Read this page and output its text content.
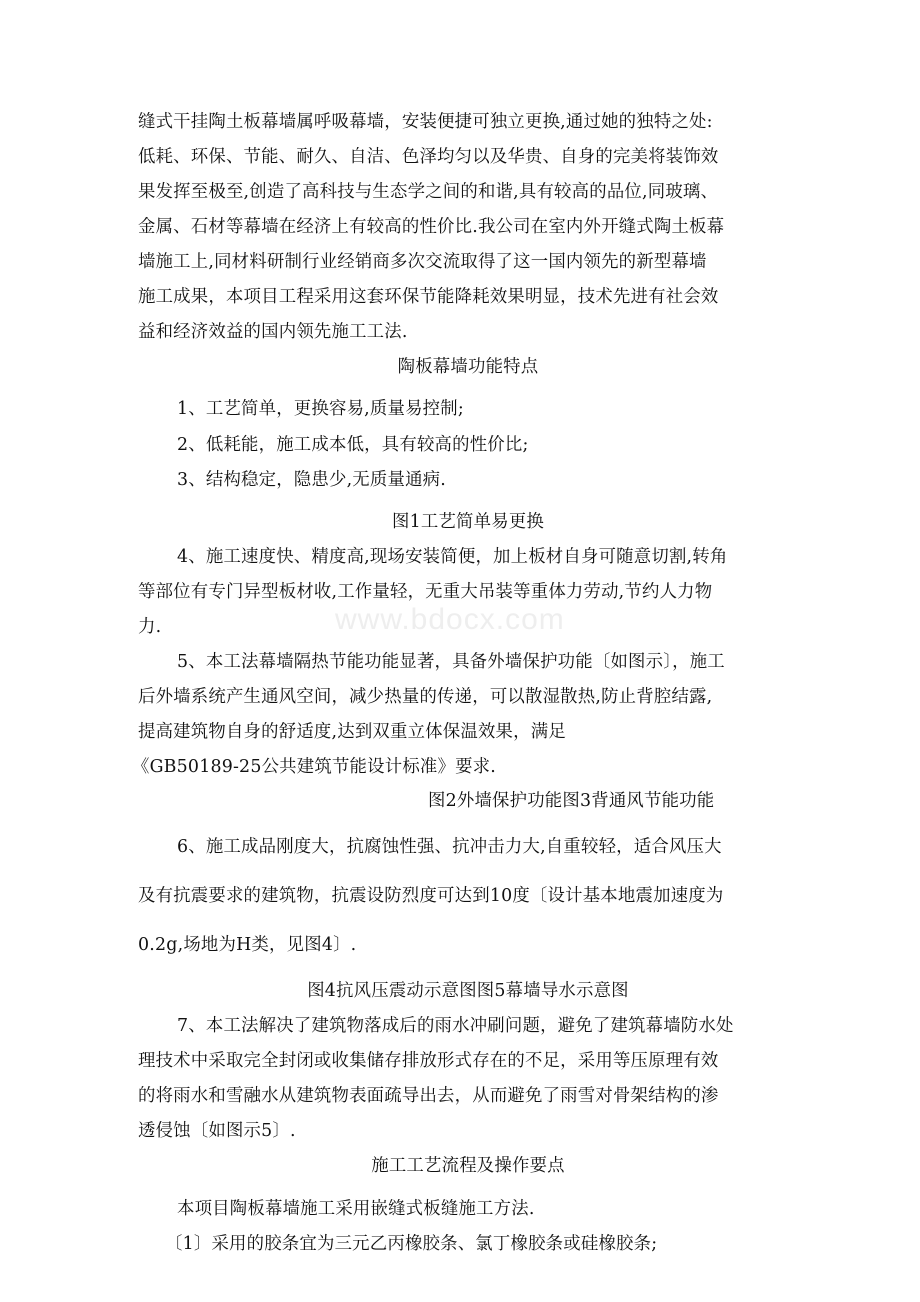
www.bdocx.com
缝式干挂陶土板幕墙属呼吸幕墙，安装便捷可独立更换,通过她的独特之处:
低耗、环保、节能、耐久、自洁、色泽均匀以及华贵、自身的完美将装饰效
果发挥至极至,创造了高科技与生态学之间的和谐,具有较高的品位,同玻璃、
金属、石材等幕墙在经济上有较高的性价比.我公司在室内外开缝式陶土板幕
墙施工上,同材料研制行业经销商多次交流取得了这一国内领先的新型幕墙
施工成果，本项目工程采用这套环保节能降耗效果明显，技术先进有社会效
益和经济效益的国内领先施工工法.
陶板幕墙功能特点
1、工艺简单，更换容易,质量易控制;
2、低耗能，施工成本低，具有较高的性价比;
3、结构稳定，隐患少,无质量通病.
图1工艺简单易更换
4、施工速度快、精度高,现场安装简便，加上板材自身可随意切割,转角
等部位有专门异型板材收,工作量轻，无重大吊装等重体力劳动,节约人力物
力.
5、本工法幕墙隔热节能功能显著，具备外墙保护功能〔如图示〕，施工
后外墙系统产生通风空间，减少热量的传递，可以散湿散热,防止背腔结露,
提高建筑物自身的舒适度,达到双重立体保温效果，满足
《GB50189-25公共建筑节能设计标准》要求.
图2外墙保护功能图3背通风节能功能
6、施工成品刚度大，抗腐蚀性强、抗冲击力大,自重较轻，适合风压大
及有抗震要求的建筑物，抗震设防烈度可达到10度〔设计基本地震加速度为
0.2g,场地为H类，见图4〕.
图4抗风压震动示意图图5幕墙导水示意图
7、本工法解决了建筑物落成后的雨水冲刷问题，避免了建筑幕墙防水处
理技术中采取完全封闭或收集储存排放形式存在的不足，采用等压原理有效
的将雨水和雪融水从建筑物表面疏导出去，从而避免了雨雪对骨架结构的渗
透侵蚀〔如图示5〕.
施工工艺流程及操作要点
本项目陶板幕墙施工采用嵌缝式板缝施工方法.
〔1〕采用的胶条宜为三元乙丙橡胶条、氯丁橡胶条或硅橡胶条;
